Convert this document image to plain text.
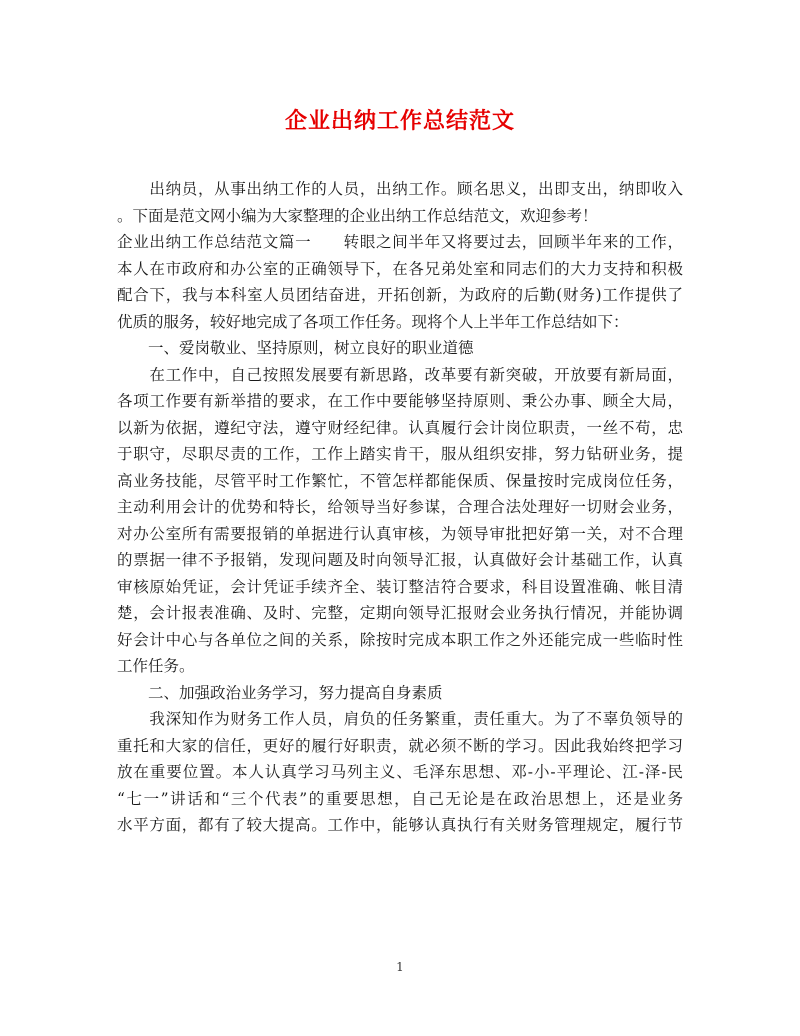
企业出纳工作总结范文
　　出纳员，从事出纳工作的人员，出纳工作。顾名思义，出即支出，纳即收入
。下面是范文网小编为大家整理的企业出纳工作总结范文，欢迎参考！
企业出纳工作总结范文篇一　　转眼之间半年又将要过去，回顾半年来的工作，
本人在市政府和办公室的正确领导下，在各兄弟处室和同志们的大力支持和积极
配合下，我与本科室人员团结奋进，开拓创新，为政府的后勤(财务)工作提供了
优质的服务，较好地完成了各项工作任务。现将个人上半年工作总结如下：
　　一、爱岗敬业、坚持原则，树立良好的职业道德
　　在工作中，自己按照发展要有新思路，改革要有新突破，开放要有新局面，
各项工作要有新举措的要求，在工作中要能够坚持原则、秉公办事、顾全大局，
以新为依据，遵纪守法，遵守财经纪律。认真履行会计岗位职责，一丝不苟，忠
于职守，尽职尽责的工作，工作上踏实肯干，服从组织安排，努力钻研业务，提
高业务技能，尽管平时工作繁忙，不管怎样都能保质、保量按时完成岗位任务，
主动利用会计的优势和特长，给领导当好参谋，合理合法处理好一切财会业务，
对办公室所有需要报销的单据进行认真审核，为领导审批把好第一关，对不合理
的票据一律不予报销，发现问题及时向领导汇报，认真做好会计基础工作，认真
审核原始凭证，会计凭证手续齐全、装订整洁符合要求，科目设置准确、帐目清
楚，会计报表准确、及时、完整，定期向领导汇报财会业务执行情况，并能协调
好会计中心与各单位之间的关系，除按时完成本职工作之外还能完成一些临时性
工作任务。
　　二、加强政治业务学习，努力提高自身素质
　　我深知作为财务工作人员，肩负的任务繁重，责任重大。为了不辜负领导的
重托和大家的信任，更好的履行好职责，就必须不断的学习。因此我始终把学习
放在重要位置。本人认真学习马列主义、毛泽东思想、邓-小-平理论、江-泽-民
“七一”讲话和“三个代表”的重要思想，自己无论是在政治思想上，还是业务
水平方面，都有了较大提高。工作中，能够认真执行有关财务管理规定，履行节
1
